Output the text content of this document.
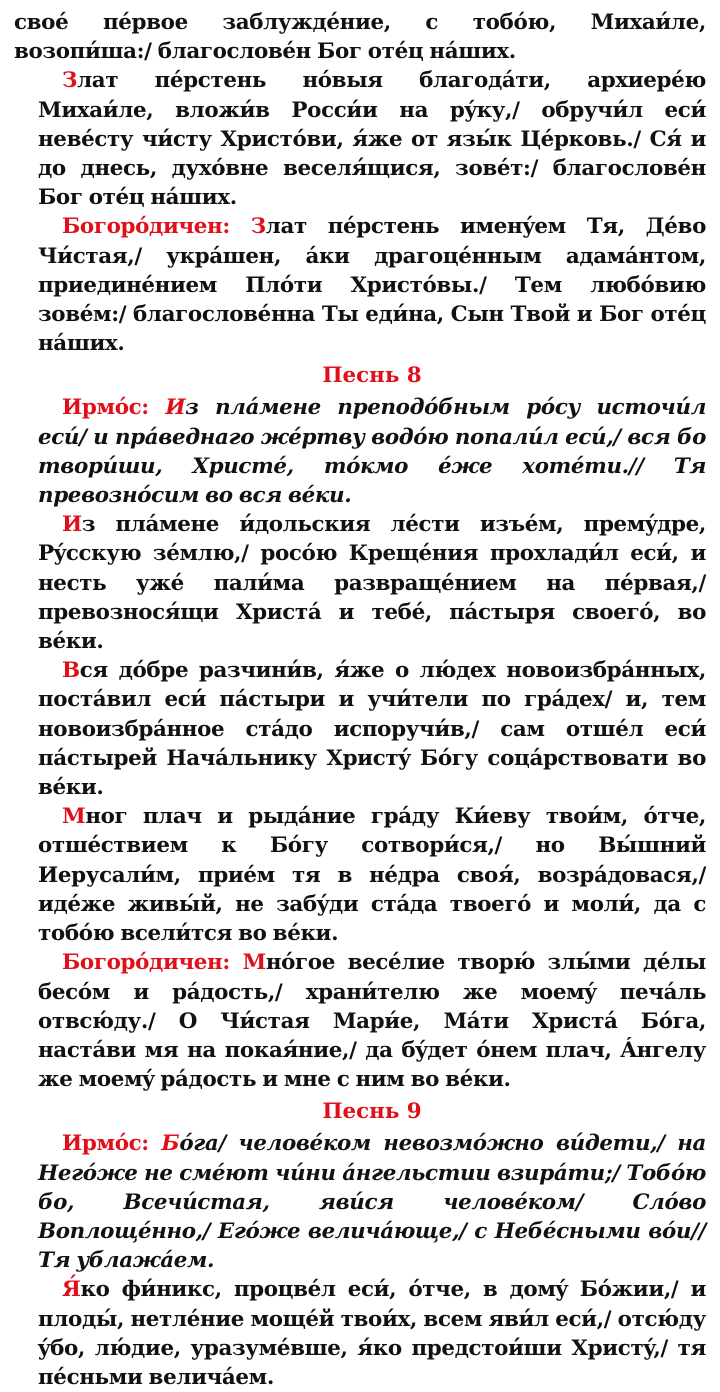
своé пéрвое заблуждéние, с тобóю, Михаи́ле, возопи́ша:/ благословéн Бог отéц нáших.

Злат пéрстень нóвыя благодáти, архиерéю Михаи́ле, вложи́в Росси́и на рýку,/ обручи́л еси́ невéсту чи́сту Христóви, я́же от язы́к Цéрковь./ Ся́ и до днесь, духóвне веселя́щися, зовéт:/ благословéн Бог отéц нáших.

Богорóдичен: Злат пéрстень именýем Тя, Дéво Чи́стая,/ укрáшен, áки драгоцéнным адамáнтом, приединéнием Плóти Христóвы./ Тем любóвию зовéм:/ благословéнна Ты еди́на, Сын Твой и Бог отéц нáших.

Песнь 8

Ирмóс: Из плáмене преподóбным рóсу источи́л еси́/ и прáведнаго жéртву водóю попали́л еси́,/ вся бо твори́ши, Христé, тóкмо éже хотéти.// Тя превознóсим во вся вéки.

Из плáмене и́дольския лéсти изъéм, премýдре, Рýсскую зéмлю,/ росóю Крещéния прохлади́л еси́, и несть ужé пали́ма развращéнием на пéрвая,/ превознося́щи Христá и тебé, пáстыря своегó, во вéки.

Вся дóбре разчини́в, я́же о лю́дех новоизбрáнных, постáвил еси́ пáстыри и учи́тели по грáдех/ и, тем новоизбрáнное стáдо испоручи́в,/ сам отшéл еси́ пáстырей Начáльнику Христý Бóгу соцáрствовати во вéки.

Мног плач и рыдáние грáду Ки́еву твои́м, óтче, отшéствием к Бóгу сотвори́ся,/ но Вы́шний Иерусали́м, приéм тя в нéдра своя́, возрáдовася,/ идéже живы́й, не забýди стáда твоегó и моли́, да с тобóю всели́тся во вéки.

Богорóдичен: Мнóгое весéлие творю́ злы́ми дéлы бесóм и рáдость,/ храни́телю же моемý печáль отвсю́ду./ О Чи́стая Мари́е, Мáти Христá Бóга, настáви мя на покая́ние,/ да бýдет óнем плач, Áнгелу же моемý рáдость и мне с ним во вéки.

Песнь 9

Ирмóс: Бóга/ человéком невозмóжно ви́дети,/ на Негóже не смéют чи́ни áнгельстии взирáти;/ Тобóю бо, Всечи́стая, яви́ся человéком/ Слóво Воплощéнно,/ Егóже величáюще,/ с Небéсными вóи// Тя ублажáем.

Я́ко фи́никс, процвéл еси́, óтче, в домý Бóжии,/ и плоды́, нетлéние мощéй твои́х, всем яви́л еси́,/ отсю́ду ýбо, лю́дие, уразумéвше, я́ко предстои́ши Христý,/ тя пéсньми величáем.
